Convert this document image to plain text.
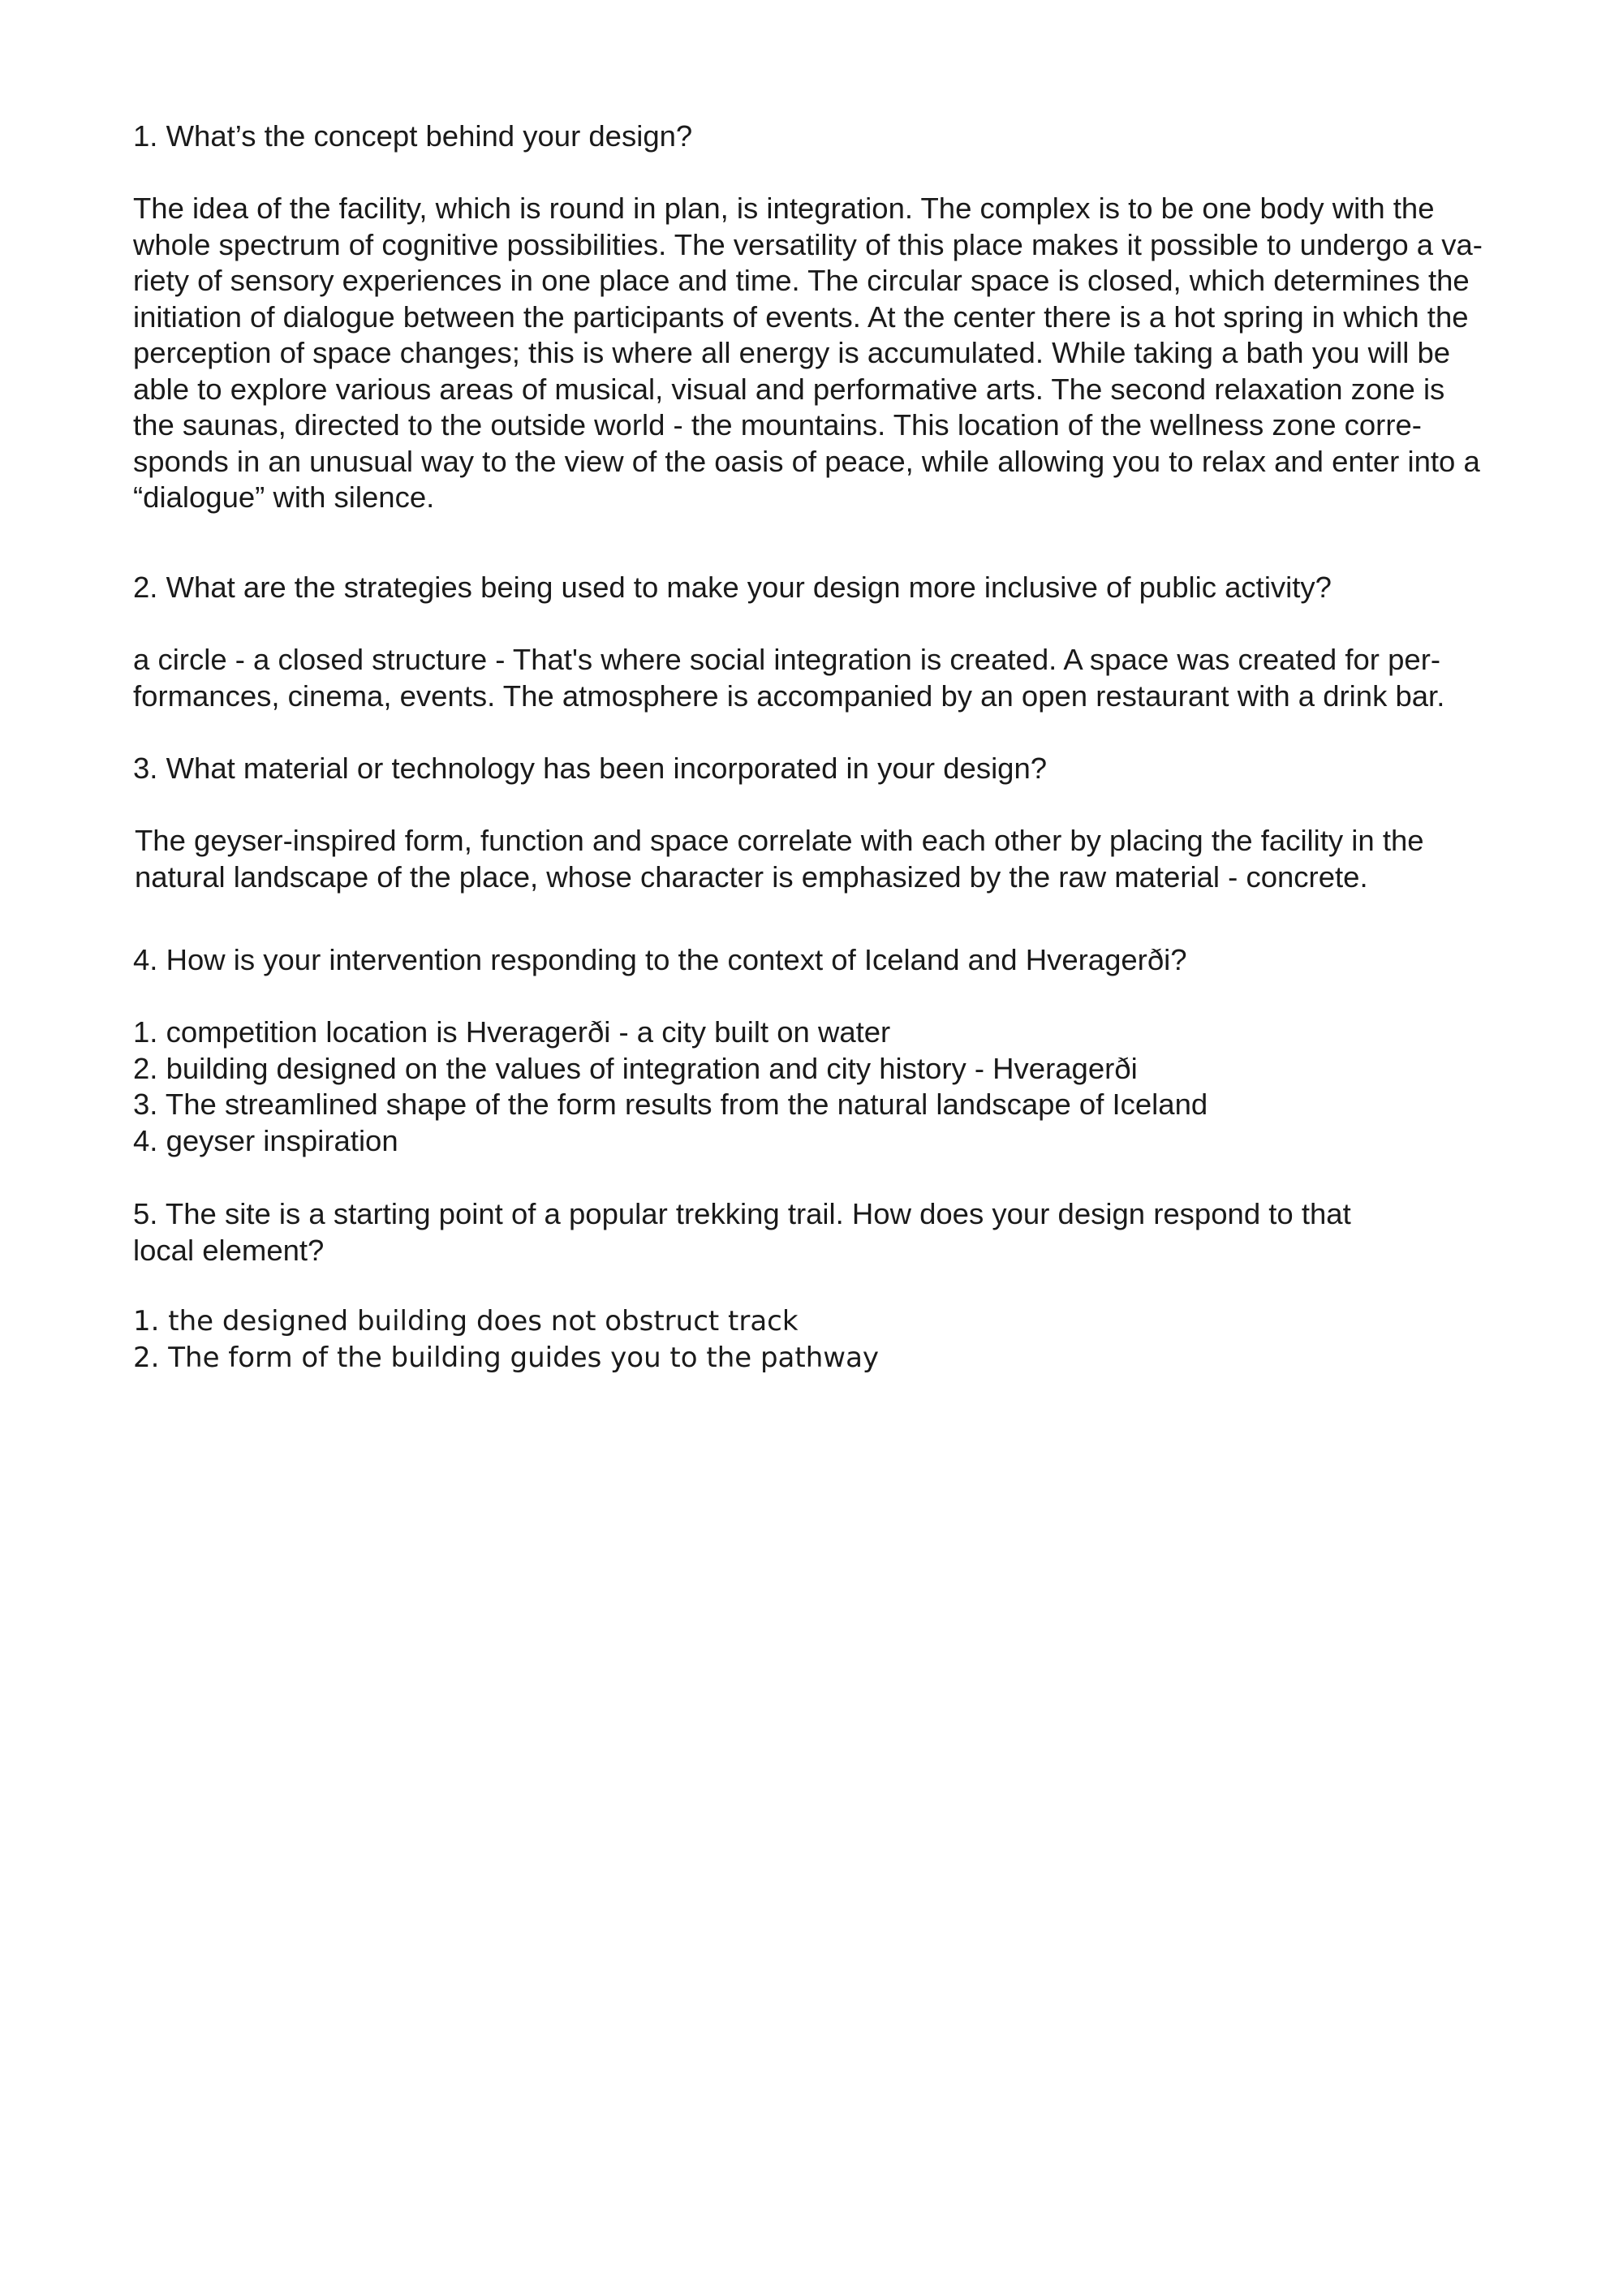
1. What’s the concept behind your design?

The idea of the facility, which is round in plan, is integration. The complex is to be one body with the
whole spectrum of cognitive possibilities. The versatility of this place makes it possible to undergo a va-
riety of sensory experiences in one place and time. The circular space is closed, which determines the
initiation of dialogue between the participants of events. At the center there is a hot spring in which the
perception of space changes; this is where all energy is accumulated. While taking a bath you will be
able to explore various areas of musical, visual and performative arts. The second relaxation zone is
the saunas, directed to the outside world - the mountains. This location of the wellness zone corre-
sponds in an unusual way to the view of the oasis of peace, while allowing you to relax and enter into a
“dialogue” with silence.

2. What are the strategies being used to make your design more inclusive of public activity?

a circle - a closed structure - That's where social integration is created. A space was created for per-
formances, cinema, events. The atmosphere is accompanied by an open restaurant with a drink bar.

3. What material or technology has been incorporated in your design?

The geyser-inspired form, function and space correlate with each other by placing the facility in the
natural landscape of the place, whose character is emphasized by the raw material - concrete.

4. How is your intervention responding to the context of Iceland and Hveragerði?

1. competition location is Hveragerði - a city built on water
2. building designed on the values of integration and city history - Hveragerði
3. The streamlined shape of the form results from the natural landscape of Iceland
4. geyser inspiration
5. The site is a starting point of a popular trekking trail. How does your design respond to that
local element?
1. the designed building does not obstruct track
2. The form of the building guides you to the pathway
